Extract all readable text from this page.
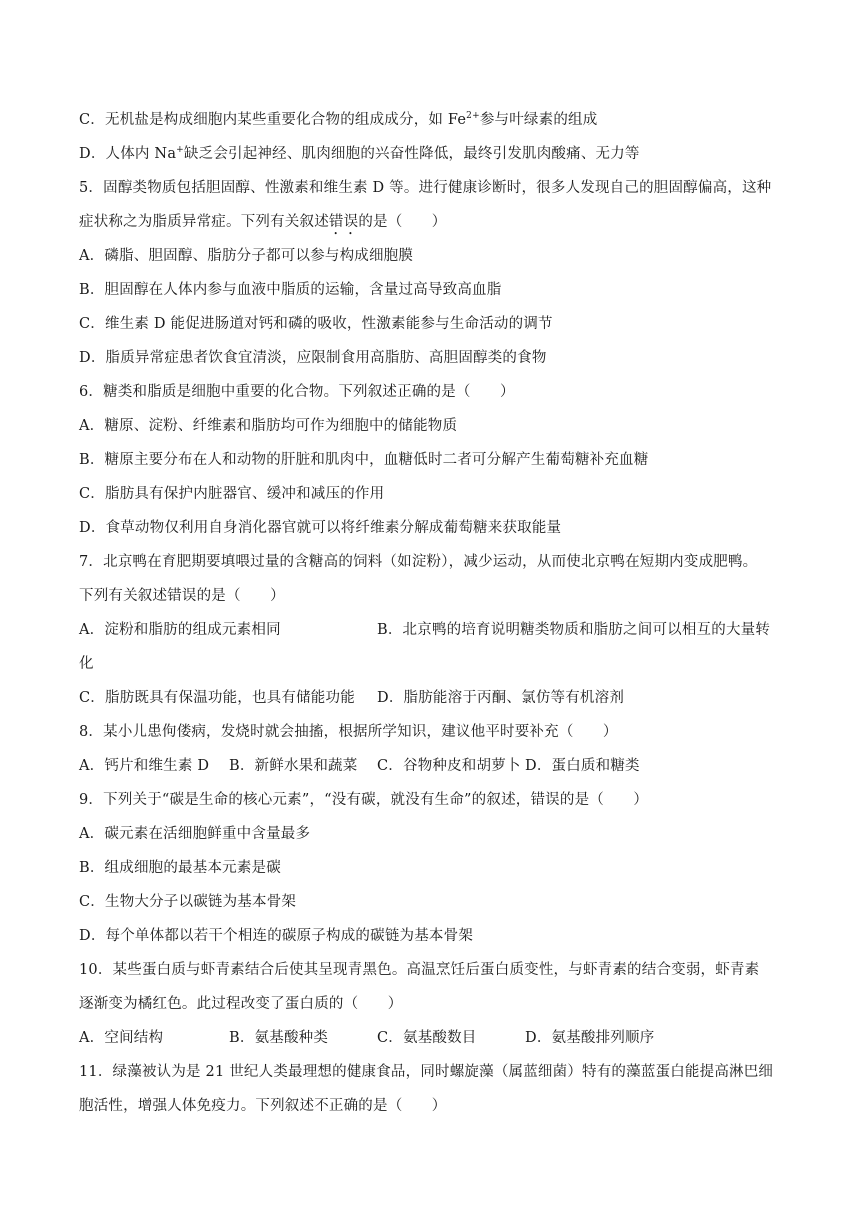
C．无机盐是构成细胞内某些重要化合物的组成成分，如 $Fe^{2+}$参与叶绿素的组成
D．人体内 Na+缺乏会引起神经、肌肉细胞的兴奋性降低，最终引发肌肉酸痛、无力等
5．固醇类物质包括胆固醇、性激素和维生素 D 等。进行健康诊断时，很多人发现自己的胆固醇偏高，这种
症状称之为脂质异常症。下列有关叙述错误的是（　　）
A．磷脂、胆固醇、脂肪分子都可以参与构成细胞膜
B．胆固醇在人体内参与血液中脂质的运输，含量过高导致高血脂
C．维生素 D 能促进肠道对钙和磷的吸收，性激素能参与生命活动的调节
D．脂质异常症患者饮食宜清淡，应限制食用高脂肪、高胆固醇类的食物
6．糖类和脂质是细胞中重要的化合物。下列叙述正确的是（　　）
A．糖原、淀粉、纤维素和脂肪均可作为细胞中的储能物质
B．糖原主要分布在人和动物的肝脏和肌肉中，血糖低时二者可分解产生葡萄糖补充血糖
C．脂肪具有保护内脏器官、缓冲和减压的作用
D．食草动物仅利用自身消化器官就可以将纤维素分解成葡萄糖来获取能量
7．北京鸭在育肥期要填喂过量的含糖高的饲料（如淀粉），减少运动，从而使北京鸭在短期内变成肥鸭。
下列有关叙述错误的是（　　）
A．淀粉和脂肪的组成元素相同	B．北京鸭的培育说明糖类物质和脂肪之间可以相互的大量转
化
C．脂肪既具有保温功能，也具有储能功能 D．脂肪能溶于丙酮、氯仿等有机溶剂
8．某小儿患佝偻病，发烧时就会抽搐，根据所学知识，建议他平时要补充（　　）
A．钙片和维生素 D B．新鲜水果和蔬菜 C．谷物种皮和胡萝卜 D．蛋白质和糖类
9．下列关于“碳是生命的核心元素”，“没有碳，就没有生命”的叙述，错误的是（　　）
A．碳元素在活细胞鲜重中含量最多
B．组成细胞的最基本元素是碳
C．生物大分子以碳链为基本骨架
D．每个单体都以若干个相连的碳原子构成的碳链为基本骨架
10．某些蛋白质与虾青素结合后使其呈现青黑色。高温烹饪后蛋白质变性，与虾青素的结合变弱，虾青素
逐渐变为橘红色。此过程改变了蛋白质的（　　）
A．空间结构	B．氨基酸种类	C．氨基酸数目	D．氨基酸排列顺序
11．绿藻被认为是 21 世纪人类最理想的健康食品，同时螺旋藻（属蓝细菌）特有的藻蓝蛋白能提高淋巴细
胞活性，增强人体免疫力。下列叙述不正确的是（　　）
